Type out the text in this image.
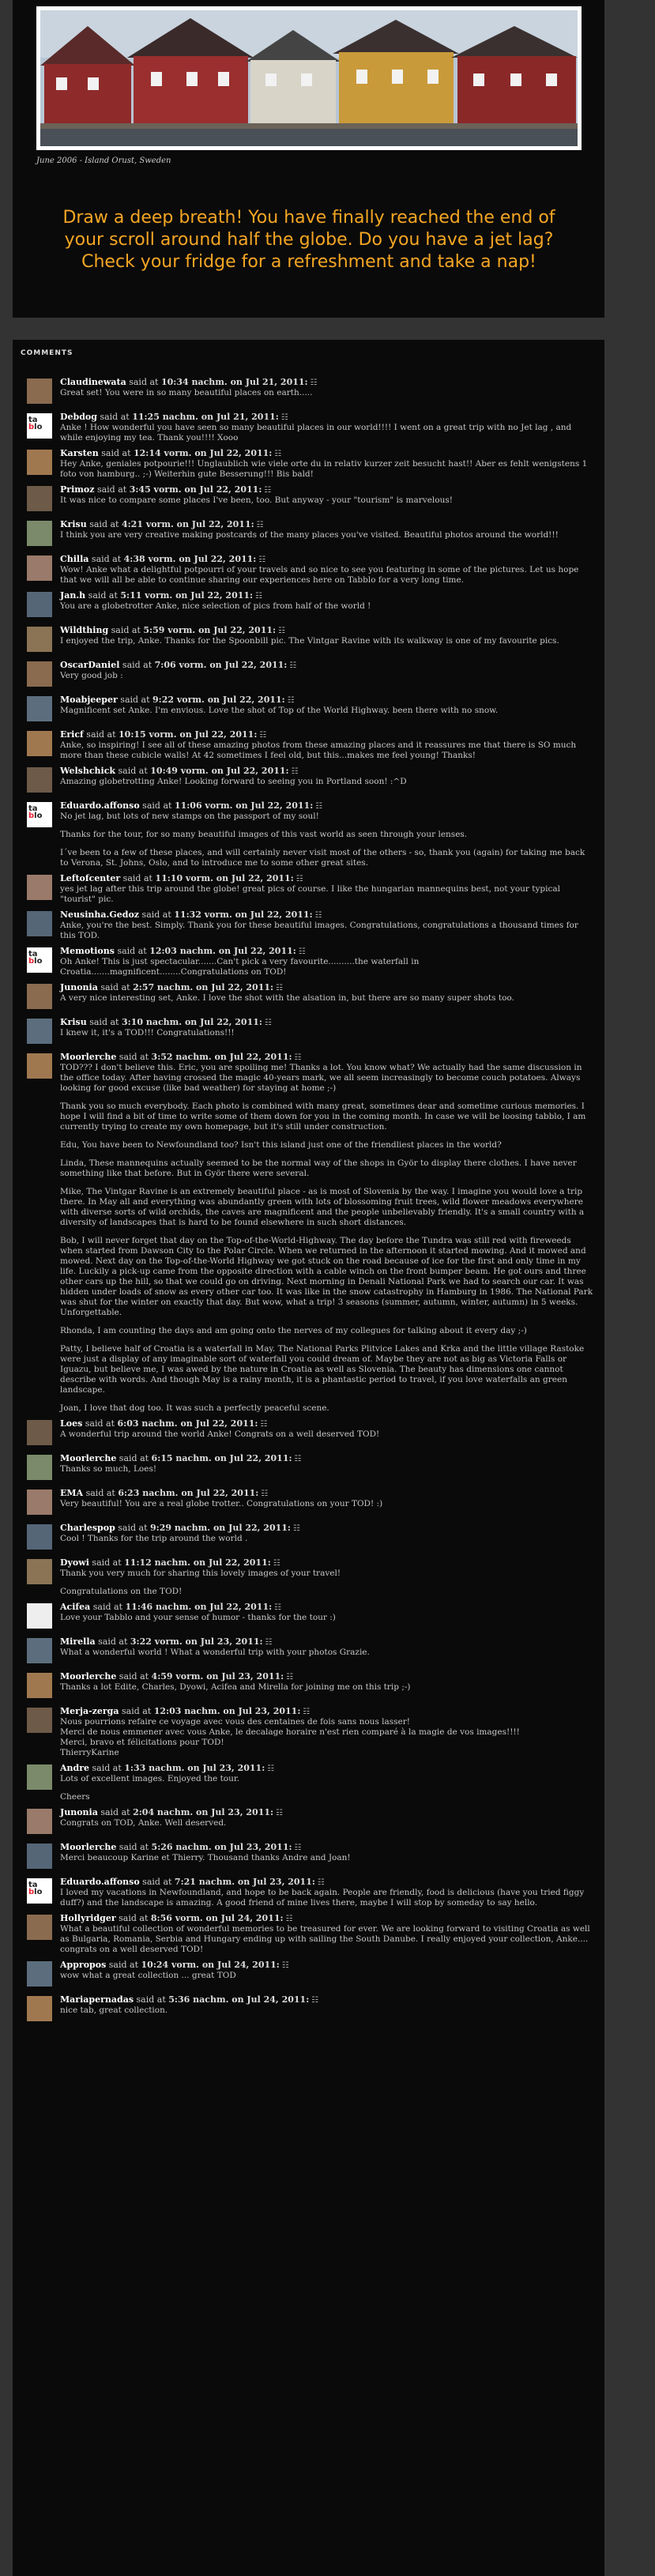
June 2006 - Island Orust, Sweden
Draw a deep breath! You have finally reached the end of your scroll around half the globe. Do you have a jet lag? Check your fridge for a refreshment and take a nap!
COMMENTS
Claudinewata said at 10:34 nachm. on Jul 21, 2011: ☷

Great set! You were in so many beautiful places on earth.....

ta
blo
Debdog said at 11:25 nachm. on Jul 21, 2011: ☷

Anke ! How wonderful you have seen so many beautiful places in our world!!!! I went on a great trip with no Jet lag , and while enjoying my tea. Thank you!!!! Xooo

Karsten said at 12:14 vorm. on Jul 22, 2011: ☷

Hey Anke, geniales potpourie!!! Unglaublich wie viele orte du in relativ kurzer zeit besucht hast!! Aber es fehlt wenigstens 1 foto von hamburg.. ;-) Weiterhin gute Besserung!!! Bis bald!

Primoz said at 3:45 vorm. on Jul 22, 2011: ☷

It was nice to compare some places I've been, too. But anyway - your "tourism" is marvelous!

Krisu said at 4:21 vorm. on Jul 22, 2011: ☷

I think you are very creative making postcards of the many places you've visited. Beautiful photos around the world!!!

Chilla said at 4:38 vorm. on Jul 22, 2011: ☷

Wow! Anke what a delightful potpourri of your travels and so nice to see you featuring in some of the pictures. Let us hope that we will all be able to continue sharing our experiences here on Tabblo for a very long time.

Jan.h said at 5:11 vorm. on Jul 22, 2011: ☷

You are a globetrotter Anke, nice selection of pics from half of the world !

Wildthing said at 5:59 vorm. on Jul 22, 2011: ☷

I enjoyed the trip, Anke. Thanks for the Spoonbill pic. The Vintgar Ravine with its walkway is one of my favourite pics.

OscarDaniel said at 7:06 vorm. on Jul 22, 2011: ☷

Very good job :

Moabjeeper said at 9:22 vorm. on Jul 22, 2011: ☷

Magnificent set Anke. I'm envious. Love the shot of Top of the World Highway. been there with no snow.

Ericf said at 10:15 vorm. on Jul 22, 2011: ☷

Anke, so inspiring! I see all of these amazing photos from these amazing places and it reassures me that there is SO much more than these cubicle walls! At 42 sometimes I feel old, but this...makes me feel young! Thanks!

Welshchick said at 10:49 vorm. on Jul 22, 2011: ☷

Amazing globetrotting Anke! Looking forward to seeing you in Portland soon! :^D

ta
blo
Eduardo.affonso said at 11:06 vorm. on Jul 22, 2011: ☷

No jet lag, but lots of new stamps on the passport of my soul!

Thanks for the tour, for so many beautiful images of this vast world as seen through your lenses.

I´ve been to a few of these places, and will certainly never visit most of the others - so, thank you (again) for taking me back to Verona, St. Johns, Oslo, and to introduce me to some other great sites.

Leftofcenter said at 11:10 vorm. on Jul 22, 2011: ☷

yes jet lag after this trip around the globe! great pics of course. I like the hungarian mannequins best, not your typical "tourist" pic.

Neusinha.Gedoz said at 11:32 vorm. on Jul 22, 2011: ☷

Anke, you're the best. Simply. Thank you for these beautiful images. Congratulations, congratulations a thousand times for this TOD.

ta
blo
Memotions said at 12:03 nachm. on Jul 22, 2011: ☷

Oh Anke! This is just spectacular.......Can't pick a very favourite..........the waterfall in Croatia.......magnificent........Congratulations on TOD!

Junonia said at 2:57 nachm. on Jul 22, 2011: ☷

A very nice interesting set, Anke. I love the shot with the alsation in, but there are so many super shots too.

Krisu said at 3:10 nachm. on Jul 22, 2011: ☷

I knew it, it's a TOD!!! Congratulations!!!

Moorlerche said at 3:52 nachm. on Jul 22, 2011: ☷

TOD??? I don't believe this. Eric, you are spoiling me! Thanks a lot. You know what? We actually had the same discussion in the office today. After having crossed the magic 40-years mark, we all seem increasingly to become couch potatoes. Always looking for good excuse (like bad weather) for staying at home ;-)

Thank you so much everybody. Each photo is combined with many great, sometimes dear and sometime curious memories. I hope I will find a bit of time to write some of them down for you in the coming month. In case we will be loosing tabblo, I am currently trying to create my own homepage, but it's still under construction.

Edu, You have been to Newfoundland too? Isn't this island just one of the friendliest places in the world?

Linda, These mannequins actually seemed to be the normal way of the shops in Györ to display there clothes. I have never something like that before. But in Györ there were several.

Mike, The Vintgar Ravine is an extremely beautiful place - as is most of Slovenia by the way. I imagine you would love a trip there. In May all and everything was abundantly green with lots of blossoming fruit trees, wild flower meadows everywhere with diverse sorts of wild orchids, the caves are magnificent and the people unbelievably friendly. It's a small country with a diversity of landscapes that is hard to be found elsewhere in such short distances.

Bob, I will never forget that day on the Top-of-the-World-Highway. The day before the Tundra was still red with fireweeds when started from Dawson City to the Polar Circle. When we returned in the afternoon it started mowing. And it mowed and mowed. Next day on the Top-of-the-World Highway we got stuck on the road because of ice for the first and only time in my life. Luckily a pick-up came from the opposite direction with a cable winch on the front bumper beam. He got ours and three other cars up the hill, so that we could go on driving. Next morning in Denali National Park we had to search our car. It was hidden under loads of snow as every other car too. It was like in the snow catastrophy in Hamburg in 1986. The National Park was shut for the winter on exactly that day. But wow, what a trip! 3 seasons (summer, autumn, winter, autumn) in 5 weeks. Unforgettable.

Rhonda, I am counting the days and am going onto the nerves of my collegues for talking about it every day ;-)

Patty, I believe half of Croatia is a waterfall in May. The National Parks Plitvice Lakes and Krka and the little village Rastoke were just a display of any imaginable sort of waterfall you could dream of. Maybe they are not as big as Victoria Falls or Iguazu, but believe me, I was awed by the nature in Croatia as well as Slovenia. The beauty has dimensions one cannot describe with words. And though May is a rainy month, it is a phantastic period to travel, if you love waterfalls an green landscape.

Joan, I love that dog too. It was such a perfectly peaceful scene.

Loes said at 6:03 nachm. on Jul 22, 2011: ☷

A wonderful trip around the world Anke! Congrats on a well deserved TOD!

Moorlerche said at 6:15 nachm. on Jul 22, 2011: ☷

Thanks so much, Loes!

EMA said at 6:23 nachm. on Jul 22, 2011: ☷

Very beautiful! You are a real globe trotter.. Congratulations on your TOD! :)

Charlespop said at 9:29 nachm. on Jul 22, 2011: ☷

Cool ! Thanks for the trip around the world .

Dyowi said at 11:12 nachm. on Jul 22, 2011: ☷

Thank you very much for sharing this lovely images of your travel!

Congratulations on the TOD!

Acifea said at 11:46 nachm. on Jul 22, 2011: ☷

Love your Tabblo and your sense of humor - thanks for the tour :)

Mirella said at 3:22 vorm. on Jul 23, 2011: ☷

What a wonderful world ! What a wonderful trip with your photos Grazie.

Moorlerche said at 4:59 vorm. on Jul 23, 2011: ☷

Thanks a lot Edite, Charles, Dyowi, Acifea and Mirella for joining me on this trip ;-)

Merja-zerga said at 12:03 nachm. on Jul 23, 2011: ☷

Nous pourrions refaire ce voyage avec vous des centaines de fois sans nous lasser!
Merci de nous emmener avec vous Anke, le decalage horaire n'est rien comparé à la magie de vos images!!!!
Merci, bravo et félicitations pour TOD!
ThierryKarine

Andre said at 1:33 nachm. on Jul 23, 2011: ☷

Lots of excellent images. Enjoyed the tour.

Cheers

Junonia said at 2:04 nachm. on Jul 23, 2011: ☷

Congrats on TOD, Anke. Well deserved.

Moorlerche said at 5:26 nachm. on Jul 23, 2011: ☷

Merci beaucoup Karine et Thierry. Thousand thanks Andre and Joan!

ta
blo
Eduardo.affonso said at 7:21 nachm. on Jul 23, 2011: ☷

I loved my vacations in Newfoundland, and hope to be back again. People are friendly, food is delicious (have you tried figgy duff?) and the landscape is amazing. A good friend of mine lives there, maybe I will stop by someday to say hello.

Hollyridger said at 8:56 vorm. on Jul 24, 2011: ☷

What a beautiful collection of wonderful memories to be treasured for ever. We are looking forward to visiting Croatia as well as Bulgaria, Romania, Serbia and Hungary ending up with sailing the South Danube. I really enjoyed your collection, Anke.... congrats on a well deserved TOD!

Appropos said at 10:24 vorm. on Jul 24, 2011: ☷

wow what a great collection ... great TOD

Mariapernadas said at 5:36 nachm. on Jul 24, 2011: ☷

nice tab, great collection.
